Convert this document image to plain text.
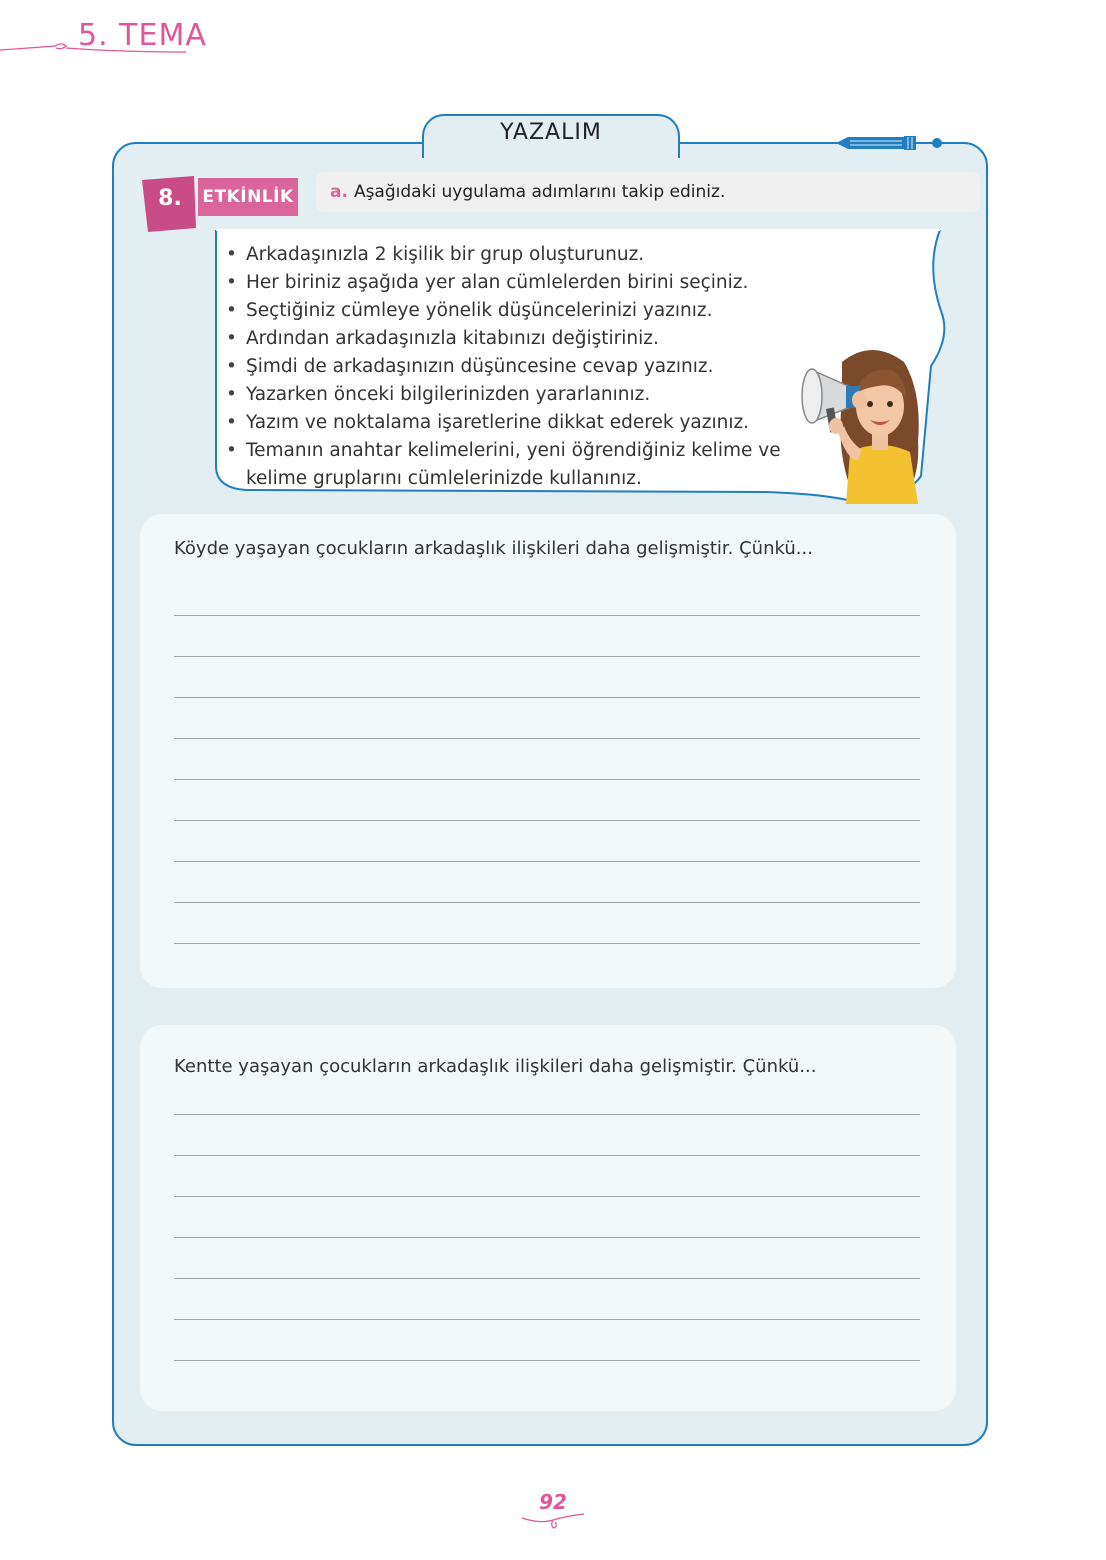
5. TEMA
YAZALIM
8.	ETKİNLİK	a. Aşağıdaki uygulama adımlarını takip ediniz.
• Arkadaşınızla 2 kişilik bir grup oluşturunuz.
• Her biriniz aşağıda yer alan cümlelerden birini seçiniz.
• Seçtiğiniz cümleye yönelik düşüncelerinizi yazınız.
• Ardından arkadaşınızla kitabınızı değiştiriniz.
• Şimdi de arkadaşınızın düşüncesine cevap yazınız.
• Yazarken önceki bilgilerinizden yararlanınız.
• Yazım ve noktalama işaretlerine dikkat ederek yazınız.
• Temanın anahtar kelimelerini, yeni öğrendiğiniz kelime ve kelime gruplarını cümlelerinizde kullanınız.
Köyde yaşayan çocukların arkadaşlık ilişkileri daha gelişmiştir. Çünkü...
Kentte yaşayan çocukların arkadaşlık ilişkileri daha gelişmiştir. Çünkü...
92
